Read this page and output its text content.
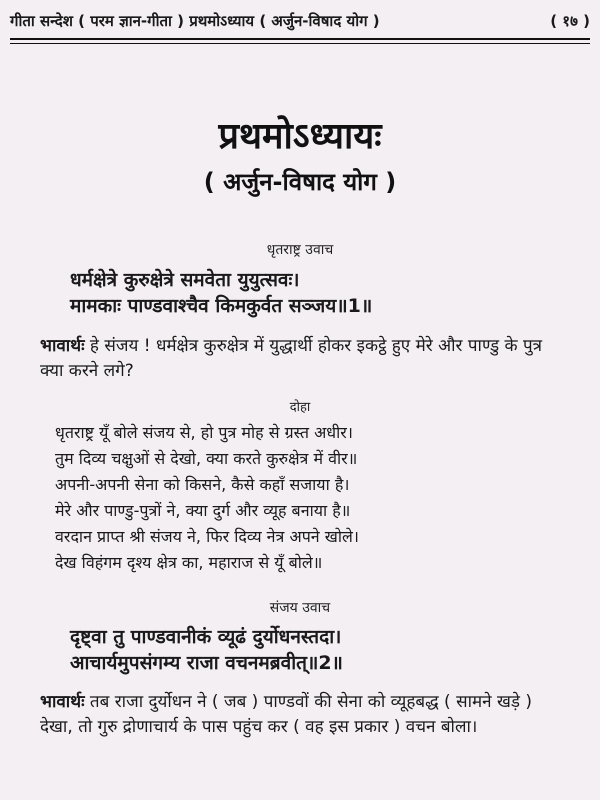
गीता सन्देश ( परम ज्ञान-गीता ) प्रथमोऽध्याय ( अर्जुन-विषाद योग )	( १७ )
प्रथमोऽध्यायः
( अर्जुन-विषाद योग )
धृतराष्ट्र उवाच
धर्मक्षेत्रे कुरुक्षेत्रे समवेता युयुत्सवः।
मामकाः पाण्डवाश्चैव किमकुर्वत सञ्जय॥1॥
भावार्थः हे संजय ! धर्मक्षेत्र कुरुक्षेत्र में युद्धार्थी होकर इकट्ठे हुए मेरे और पाण्डु के पुत्र क्या करने लगे?
दोहा
धृतराष्ट्र यूँ बोले संजय से, हो पुत्र मोह से ग्रस्त अधीर।
तुम दिव्य चक्षुओं से देखो, क्या करते कुरुक्षेत्र में वीर॥
अपनी-अपनी सेना को किसने, कैसे कहाँ सजाया है।
मेरे और पाण्डु-पुत्रों ने, क्या दुर्ग और व्यूह बनाया है॥
वरदान प्राप्त श्री संजय ने, फिर दिव्य नेत्र अपने खोले।
देख विहंगम दृश्य क्षेत्र का, महाराज से यूँ बोले॥
संजय उवाच
दृष्ट्वा तु पाण्डवानीकं व्यूढं दुर्योधनस्तदा।
आचार्यमुपसंगम्य राजा वचनमब्रवीत्॥2॥
भावार्थः तब राजा दुर्योधन ने ( जब ) पाण्डवों की सेना को व्यूहबद्ध ( सामने खड़े ) देखा, तो गुरु द्रोणाचार्य के पास पहुंच कर ( वह इस प्रकार ) वचन बोला।
